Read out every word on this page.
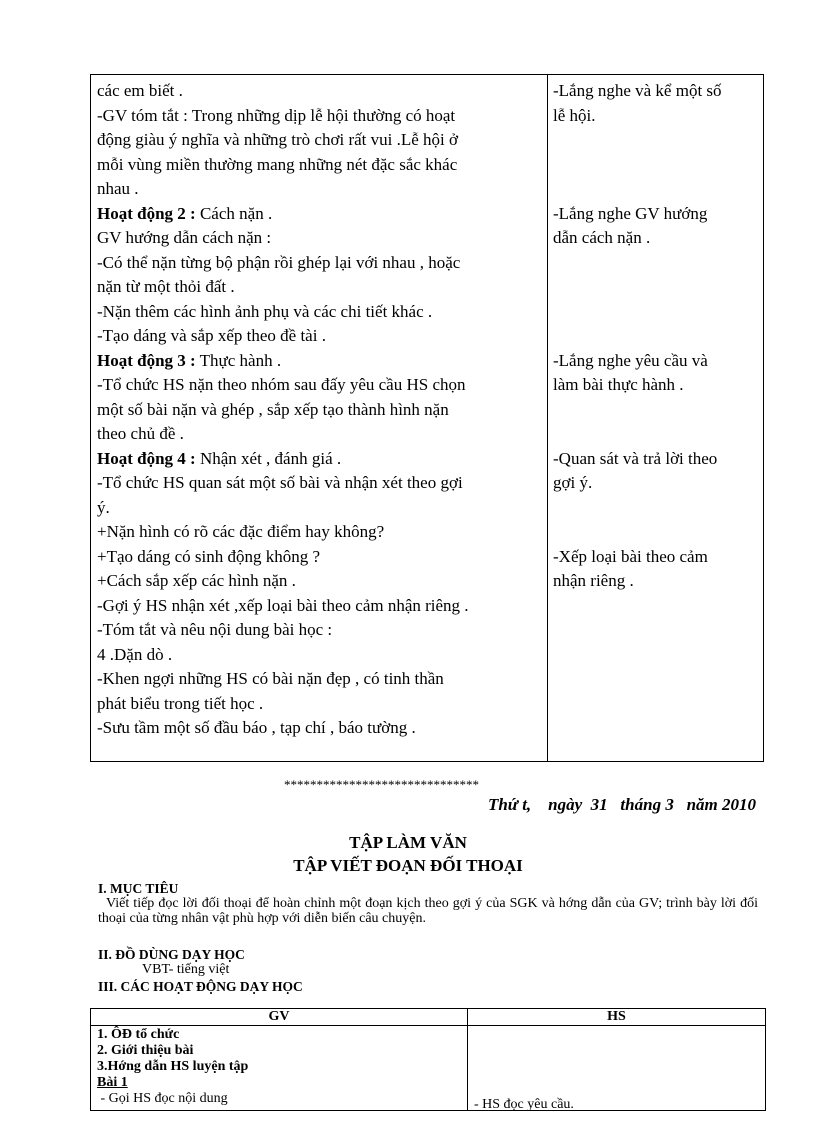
các em biết .
-GV tóm tắt : Trong những dịp lễ hội thường có hoạt
động giàu ý nghĩa và những trò chơi rất vui .Lễ hội ở
mỗi vùng miền thường mang những nét đặc sắc khác
nhau .
Hoạt động 2 : Cách nặn .
GV hướng dẫn cách nặn :
-Có thể nặn từng bộ phận rồi ghép lại với nhau , hoặc
nặn từ một thỏi đất .
-Nặn thêm các hình ảnh phụ và các chi tiết khác .
-Tạo dáng và sắp xếp theo đề tài .
Hoạt động 3 : Thực hành .
-Tổ chức HS nặn theo nhóm sau đấy yêu cầu HS chọn
một số bài nặn và ghép , sắp xếp tạo thành hình nặn
theo chủ đề .
Hoạt động 4 : Nhận xét , đánh giá .
-Tổ chức HS quan sát một số bài và nhận xét theo gợi
ý.
+Nặn hình có rõ các đặc điểm hay không?
+Tạo dáng có sinh động không ?
+Cách sắp xếp các hình nặn .
-Gợi ý HS nhận xét ,xếp loại bài theo cảm nhận riêng .
-Tóm tắt và nêu nội dung bài học :
4 .Dặn dò .
-Khen ngợi những HS có bài nặn đẹp , có tinh thần
phát biểu trong tiết học .
-Sưu tầm một số đầu báo , tạp chí , báo tường .
-Lắng nghe và kể một số
lễ hội.
-Lắng nghe GV hướng
dẫn cách nặn .
-Lắng nghe yêu cầu và
làm bài thực hành .
-Quan sát và trả lời theo
gợi ý.
-Xếp loại bài theo cảm
nhận riêng .
******************************
Thứ t,    ngày  31   tháng 3   năm 2010
TẬP LÀM VĂN
TẬP VIẾT ĐOẠN ĐỐI THOẠI
I. MỤC TIÊU
Viết tiếp đọc lời đối thoại để hoàn chỉnh một đoạn kịch theo gợi ý của SGK và hớng dẫn của GV; trình bày lời đối thoại của từng nhân vật phù hợp với diễn biến câu chuyện.
II. ĐỒ DÙNG DẠY HỌC
VBT- tiếng việt
III. CÁC HOẠT ĐỘNG DẠY HỌC
GV	HS
1. ÔĐ tổ chức
2. Giới thiệu bài
3.Hớng dẫn HS luyện tập
Bài 1
- Gọi HS đọc nội dung	- HS đọc yêu cầu.
